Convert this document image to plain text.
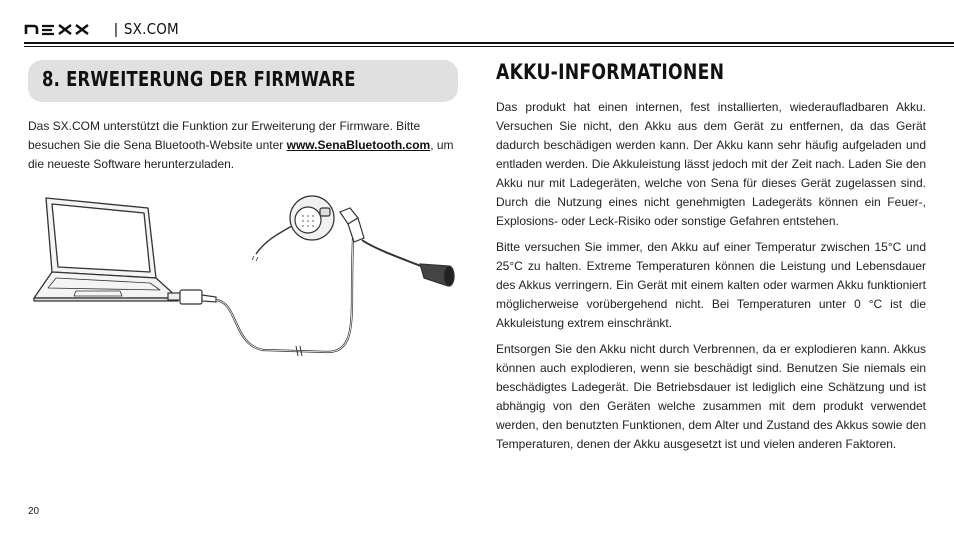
| SX.COM
8. ERWEITERUNG DER FIRMWARE
Das SX.COM unterstützt die Funktion zur Erweiterung der Firmware. Bitte besuchen Sie die Sena Bluetooth-Website unter www.SenaBluetooth.com, um die neueste Software herunterzuladen.
AKKU-INFORMATIONEN

Das produkt hat einen internen, fest installierten, wiederaufladbaren Akku. Versuchen Sie nicht, den Akku aus dem Gerät zu entfernen, da das Gerät dadurch beschädigen werden kann. Der Akku kann sehr häufig aufgeladen und entladen werden. Die Akkuleistung lässt jedoch mit der Zeit nach. Laden Sie den Akku nur mit Ladegeräten, welche von Sena für dieses Gerät zugelassen sind. Durch die Nutzung eines nicht genehmigten Ladegeräts können ein Feuer-, Explosions- oder Leck-Risiko oder sonstige Gefahren entstehen.

Bitte versuchen Sie immer, den Akku auf einer Temperatur zwischen 15°C und 25°C zu halten. Extreme Temperaturen können die Leistung und Lebensdauer des Akkus verringern. Ein Gerät mit einem kalten oder warmen Akku funktioniert möglicherweise vorübergehend nicht. Bei Temperaturen unter 0 °C ist die Akkuleistung extrem einschränkt.

Entsorgen Sie den Akku nicht durch Verbrennen, da er explodieren kann. Akkus können auch explodieren, wenn sie beschädigt sind. Benutzen Sie niemals ein beschädigtes Ladegerät. Die Betriebsdauer ist lediglich eine Schätzung und ist abhängig von den Geräten welche zusammen mit dem produkt verwendet werden, den benutzten Funktionen, dem Alter und Zustand des Akkus sowie den Temperaturen, denen der Akku ausgesetzt ist und vielen anderen Faktoren.

20
